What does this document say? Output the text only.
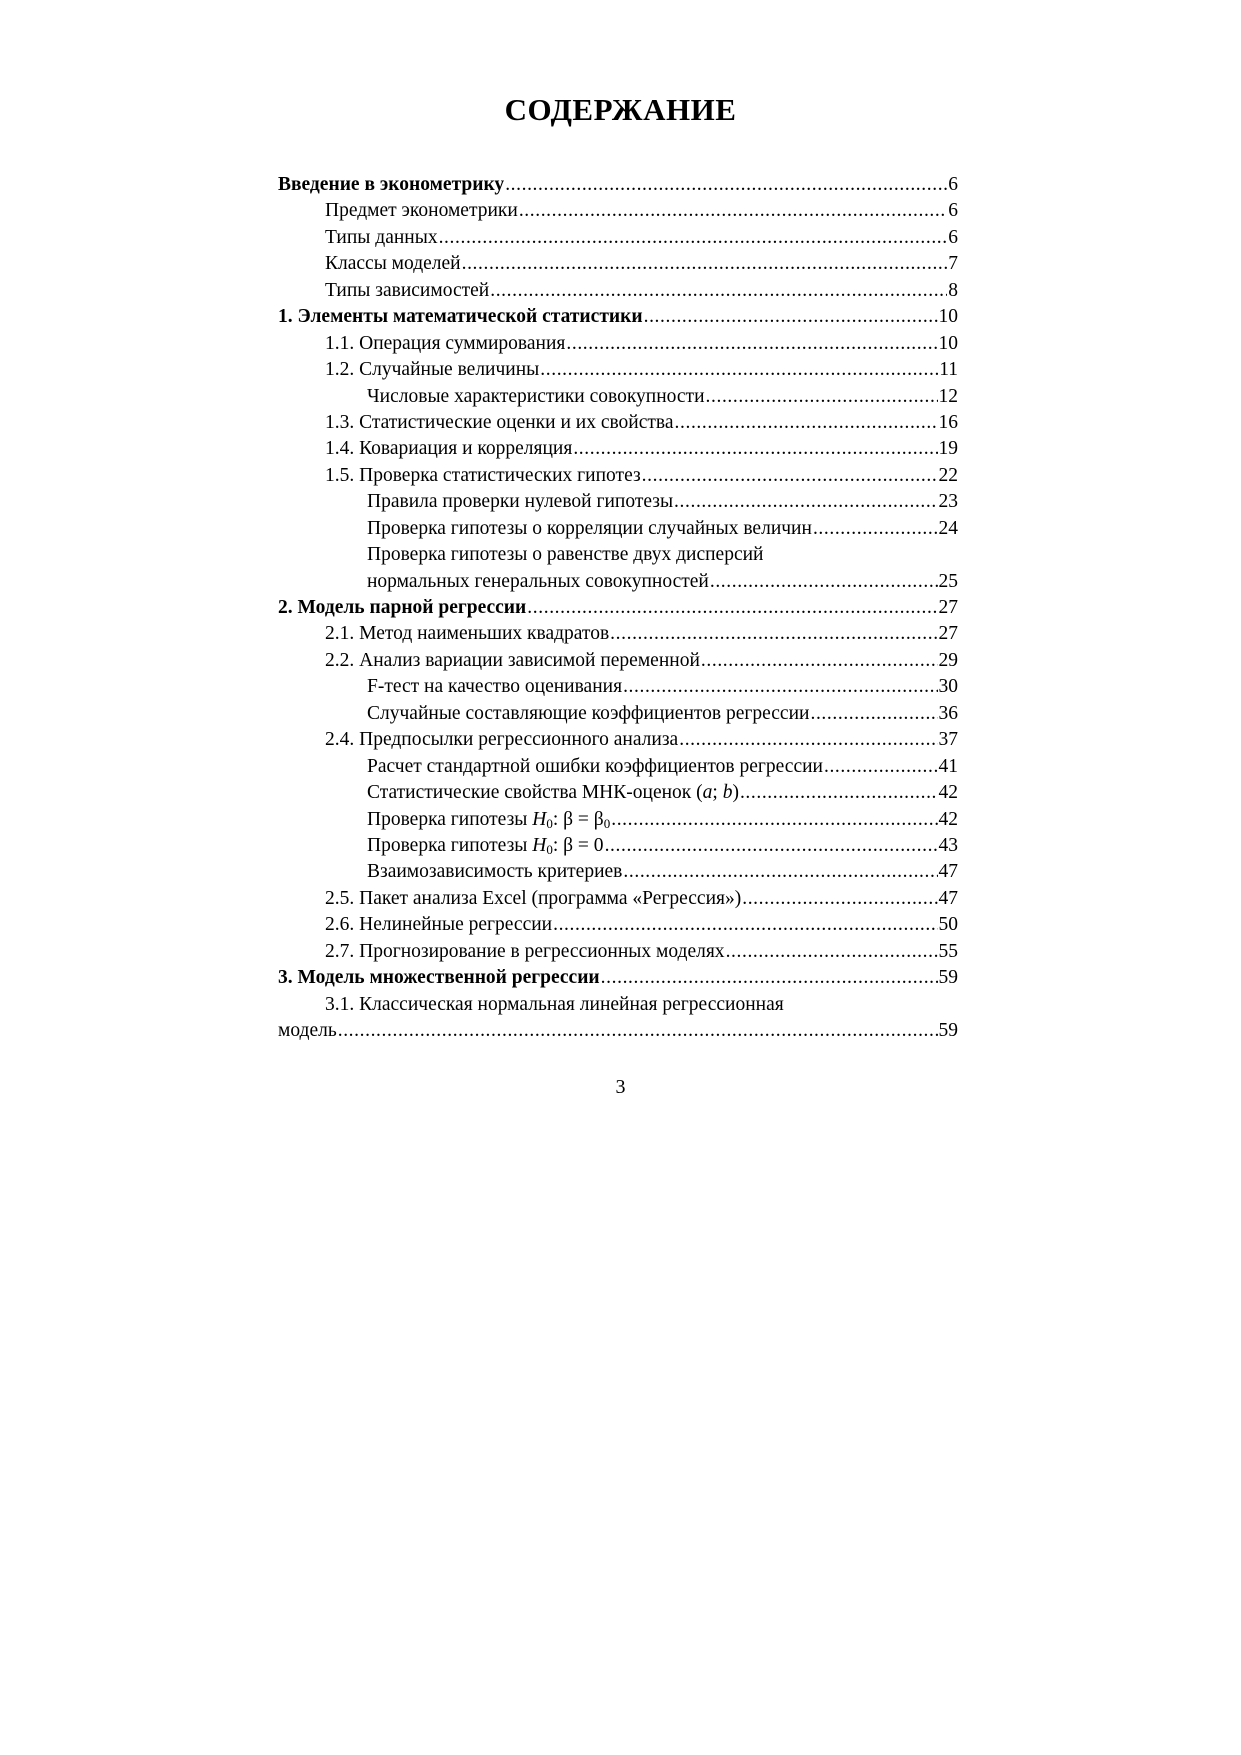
СОДЕРЖАНИЕ
Введение в эконометрику .....	6
Предмет эконометрики .....	6
Типы данных .....	6
Классы моделей .....	7
Типы зависимостей .....	8
1. Элементы математической статистики .....	10
1.1. Операция суммирования .....	10
1.2. Случайные величины .....	11
Числовые характеристики совокупности .....	12
1.3. Статистические оценки и их свойства .....	16
1.4. Ковариация и корреляция .....	19
1.5. Проверка статистических гипотез .....	22
Правила проверки нулевой гипотезы .....	23
Проверка гипотезы о корреляции случайных величин .....	24
Проверка гипотезы о равенстве двух дисперсий
нормальных генеральных совокупностей .....	25
2. Модель парной регрессии .....	27
2.1. Метод наименьших квадратов .....	27
2.2. Анализ вариации зависимой переменной .....	29
F-тест на качество оценивания .....	30
Случайные составляющие коэффициентов регрессии .....	36
2.4. Предпосылки регрессионного анализа .....	37
Расчет стандартной ошибки коэффициентов регрессии .....	41
Статистические свойства МНК-оценок (a; b) .....	42
Проверка гипотезы $H_0$: $\beta = \beta_0$ .....	42
Проверка гипотезы $H_0$: β = 0 .....	43
Взаимозависимость критериев .....	47
2.5. Пакет анализа Excel (программа «Регрессия») .....	47
2.6. Нелинейные регрессии .....	50
2.7. Прогнозирование в регрессионных моделях .....	55
3. Модель множественной регрессии .....	59
3.1. Классическая нормальная линейная регрессионная
модель .....	59
3
